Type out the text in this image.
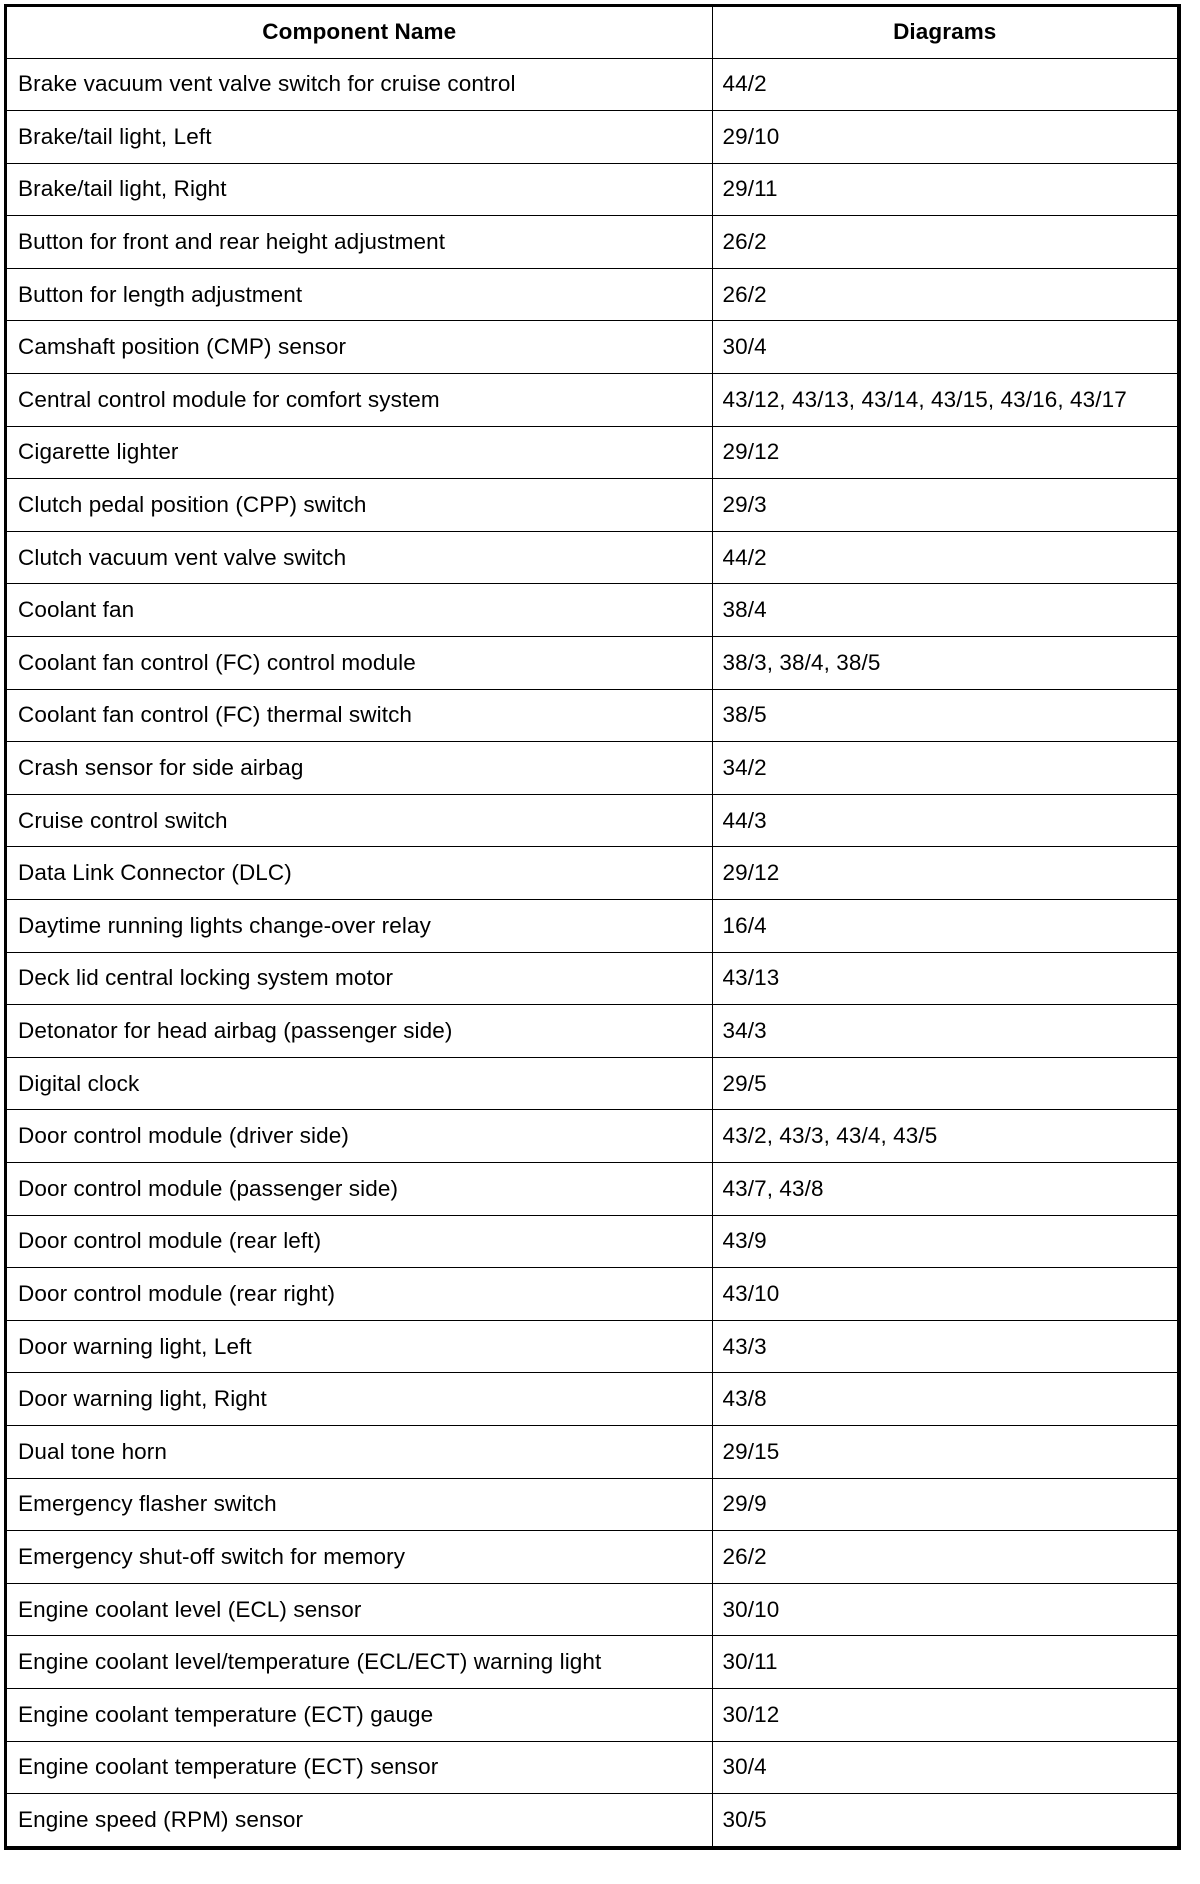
Component Name	Diagrams
Brake vacuum vent valve switch for cruise control	44/2
Brake/tail light, Left	29/10
Brake/tail light, Right	29/11
Button for front and rear height adjustment	26/2
Button for length adjustment	26/2
Camshaft position (CMP) sensor	30/4
Central control module for comfort system	43/12, 43/13, 43/14, 43/15, 43/16, 43/17
Cigarette lighter	29/12
Clutch pedal position (CPP) switch	29/3
Clutch vacuum vent valve switch	44/2
Coolant fan	38/4
Coolant fan control (FC) control module	38/3, 38/4, 38/5
Coolant fan control (FC) thermal switch	38/5
Crash sensor for side airbag	34/2
Cruise control switch	44/3
Data Link Connector (DLC)	29/12
Daytime running lights change-over relay	16/4
Deck lid central locking system motor	43/13
Detonator for head airbag (passenger side)	34/3
Digital clock	29/5
Door control module (driver side)	43/2, 43/3, 43/4, 43/5
Door control module (passenger side)	43/7, 43/8
Door control module (rear left)	43/9
Door control module (rear right)	43/10
Door warning light, Left	43/3
Door warning light, Right	43/8
Dual tone horn	29/15
Emergency flasher switch	29/9
Emergency shut-off switch for memory	26/2
Engine coolant level (ECL) sensor	30/10
Engine coolant level/temperature (ECL/ECT) warning light	30/11
Engine coolant temperature (ECT) gauge	30/12
Engine coolant temperature (ECT) sensor	30/4
Engine speed (RPM) sensor	30/5
